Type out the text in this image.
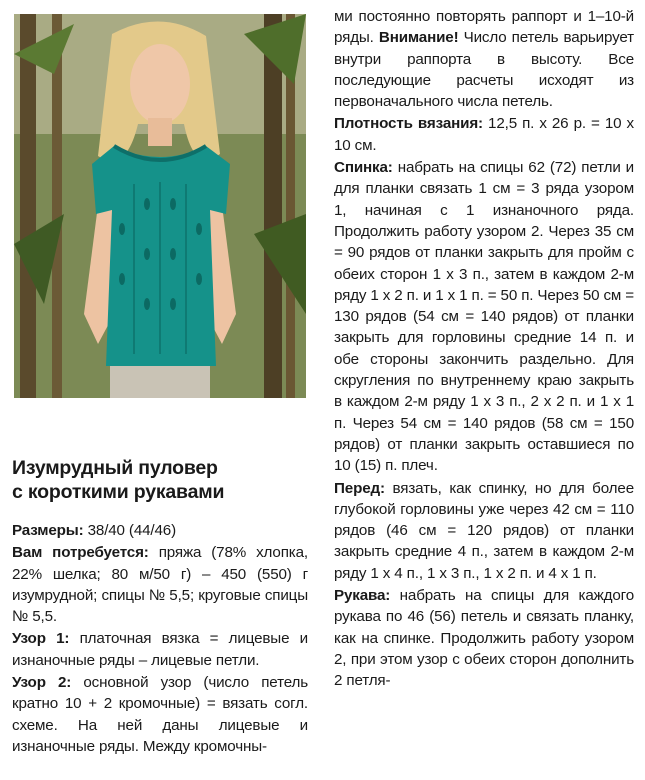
Изумрудный пуловер
с короткими рукавами

Размеры: 38/40 (44/46)

Вам потребуется: пряжа (78% хлопка, 22% шелка; 80 м/50 г) – 450 (550) г изумрудной; спицы № 5,5; круговые спицы № 5,5.

Узор 1: платочная вязка = лицевые и изнаночные ряды – лицевые петли.

Узор 2: основной узор (число петель кратно 10 + 2 кромочные) = вязать согл. схеме. На ней даны лицевые и изнаночные ряды. Между кромочны-

ми постоянно повторять раппорт и 1–10-й ряды. Внимание! Число петель варьирует внутри раппорта в высоту. Все последующие расчеты исходят из первоначального числа петель.

Плотность вязания: 12,5 п. х 26 р. = 10 х 10 см.

Спинка: набрать на спицы 62 (72) петли и для планки связать 1 см = 3 ряда узором 1, начиная с 1 изнаночного ряда. Продолжить работу узором 2. Через 35 см = 90 рядов от планки закрыть для пройм с обеих сторон 1 х 3 п., затем в каждом 2-м ряду 1 х 2 п. и 1 х 1 п. = 50 п. Через 50 см = 130 рядов (54 см = 140 рядов) от планки закрыть для горловины средние 14 п. и обе стороны закончить раздельно. Для скругления по внутреннему краю закрыть в каждом 2-м ряду 1 х 3 п., 2 х 2 п. и 1 х 1 п. Через 54 см = 140 рядов (58 см = 150 рядов) от планки закрыть оставшиеся по 10 (15) п. плеч.

Перед: вязать, как спинку, но для более глубокой горловины уже через 42 см = 110 рядов (46 см = 120 рядов) от планки закрыть средние 4 п., затем в каждом 2-м ряду 1 х 4 п., 1 х 3 п., 1 х 2 п. и 4 х 1 п.

Рукава: набрать на спицы для каждого рукава по 46 (56) петель и связать планку, как на спинке. Продолжить работу узором 2, при этом узор с обеих сторон дополнить 2 петля-
